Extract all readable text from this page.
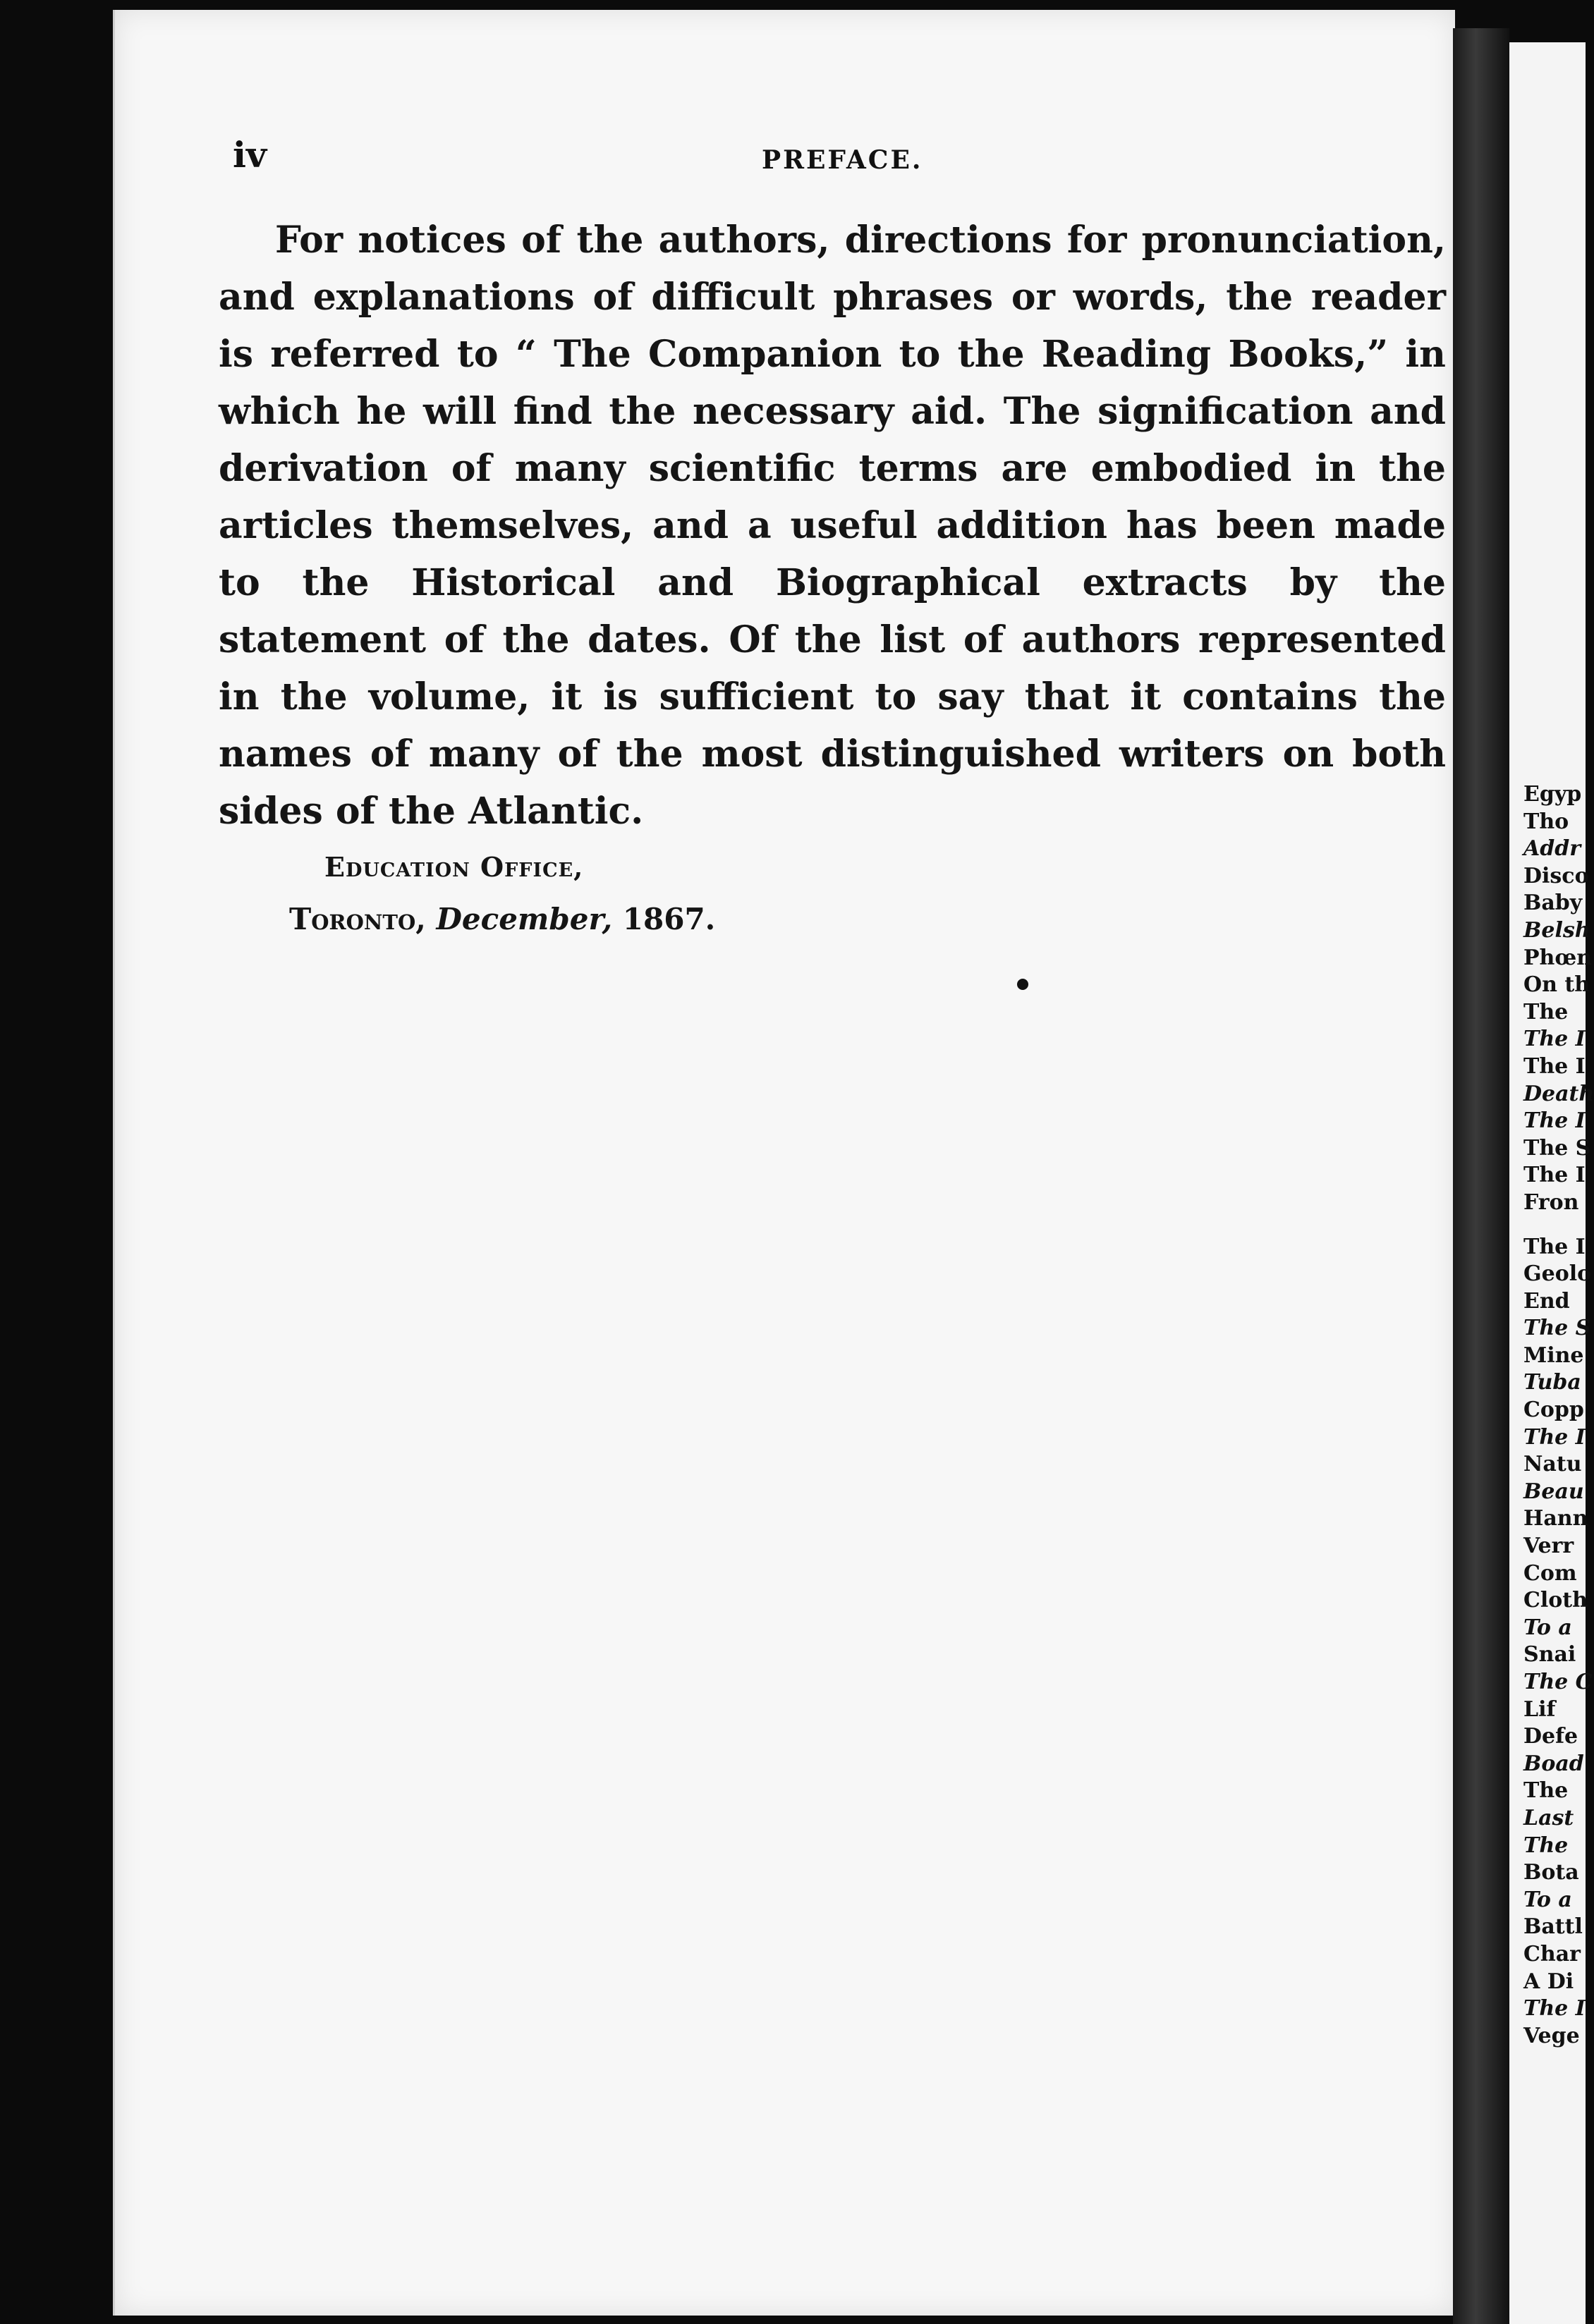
Egyp
Tho
Addr
Disco
Baby
Belsh
Phœn
On th
The
The I
The I
Death
The I
The S
The I
Fron
The I
Geolo
End
The S
Mine
Tuba
Copp
The I
Natu
Beau
Hann
Verr
Com
Cloth
To a
Snai
The C
Lif
Defe
Boad
The
Last
The
Bota
To a
Battl
Char
A Di
The I
Vege
iv	PREFACE.

For notices of the authors, directions for pronunciation, and explanations of difficult phrases or words, the reader is referred to “ The Companion to the Reading Books,” in which he will find the necessary aid. The signification and derivation of many scientific terms are embodied in the articles themselves, and a useful addition has been made to the Historical and Biographical extracts by the statement of the dates. Of the list of authors represented in the volume, it is sufficient to say that it contains the names of many of the most distinguished writers on both sides of the Atlantic.

Education Office,
Toronto, December, 1867.
